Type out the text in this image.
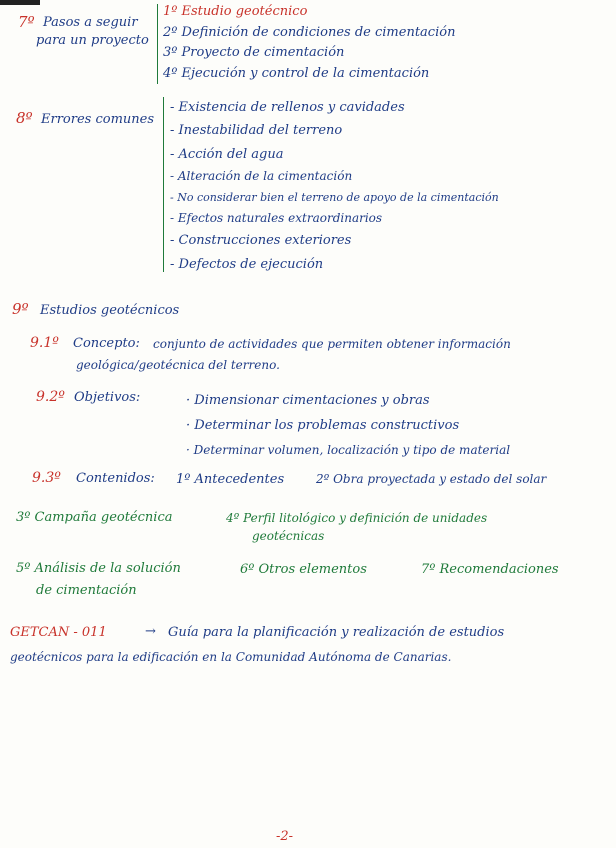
7º Pasos a seguir
para un proyecto
1º Estudio geotécnico
2º Definición de condiciones de cimentación
3º Proyecto de cimentación
4º Ejecución y control de la cimentación
8º Errores comunes
- Existencia de rellenos y cavidades
- Inestabilidad del terreno
- Acción del agua
- Alteración de la cimentación
- No considerar bien el terreno de apoyo de la cimentación
- Efectos naturales extraordinarios
- Construcciones exteriores
- Defectos de ejecución
9º Estudios geotécnicos
9.1º Concepto: conjunto de actividades que permiten obtener información
geológica/geotécnica del terreno.
9.2º Objetivos:	· Dimensionar cimentaciones y obras
· Determinar los problemas constructivos
· Determinar volumen, localización y tipo de material
9.3º Contenidos: 1º Antecedentes	2º Obra proyectada y estado del solar
3º Campaña geotécnica	4º Perfil litológico y definición de unidades
geotécnicas
5º Análisis de la solución
de cimentación
6º Otros elementos	7º Recomendaciones
GETCAN - 011	→ Guía para la planificación y realización de estudios
geotécnicos para la edificación en la Comunidad Autónoma de Canarias.
-2-
